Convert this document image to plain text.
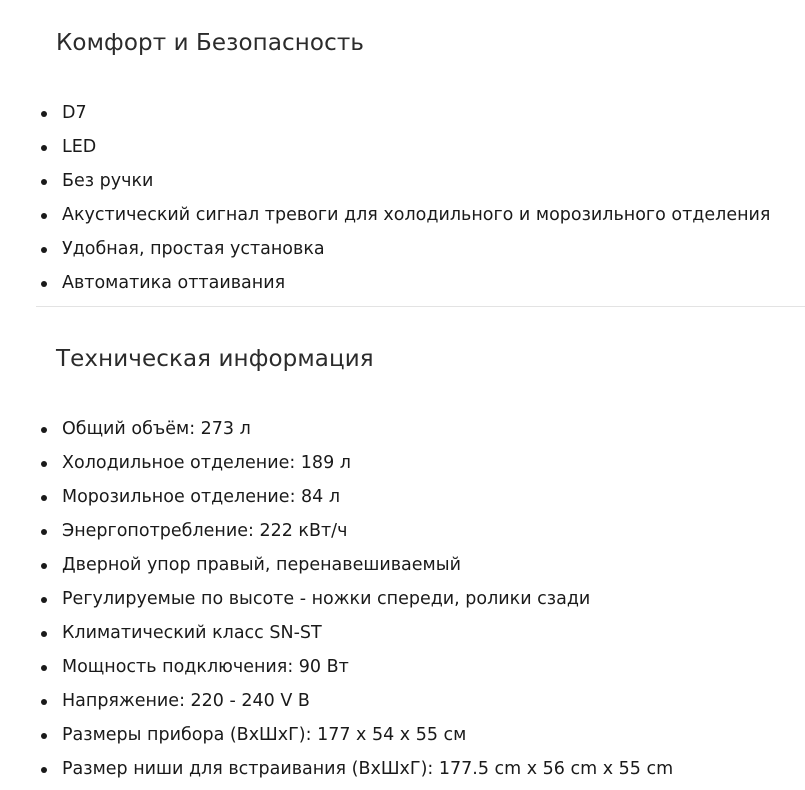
Комфорт и Безопасность
D7
LED
Без ручки
Акустический сигнал тревоги для холодильного и морозильного отделения
Удобная, простая установка
Автоматика оттаивания
Техническая информация
Общий объём: 273 л
Холодильное отделение: 189 л
Морозильное отделение: 84 л
Энергопотребление: 222 кВт/ч
Дверной упор правый, перенавешиваемый
Регулируемые по высоте - ножки спереди, ролики сзади
Климатический класс SN-ST
Мощность подключения: 90 Вт
Напряжение: 220 - 240 V B
Размеры прибора (ВхШхГ): 177 x 54 x 55 см
Размер ниши для встраивания (ВхШхГ): 177.5 cm x 56 cm x 55 cm
